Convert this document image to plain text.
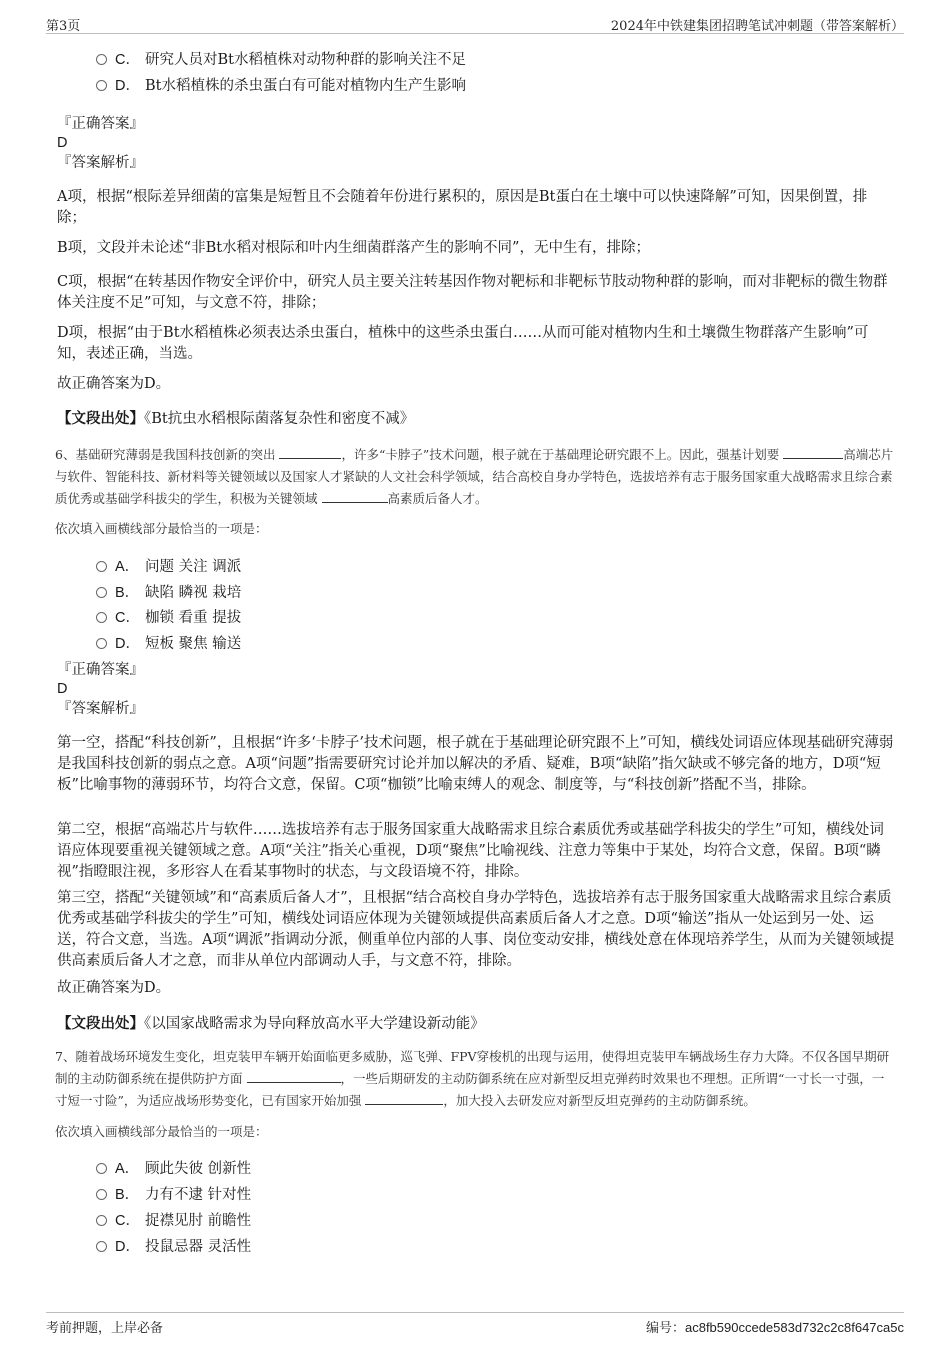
第3页	2024年中铁建集团招聘笔试冲刺题（带答案解析）
C． 研究人员对Bt水稻植株对动物种群的影响关注不足
D． Bt水稻植株的杀虫蛋白有可能对植物内生产生影响
『正确答案』
D
『答案解析』
A项，根据“根际差异细菌的富集是短暂且不会随着年份进行累积的，原因是Bt蛋白在土壤中可以快速降解”可知，因果倒置，排除；
B项，文段并未论述“非Bt水稻对根际和叶内生细菌群落产生的影响不同”，无中生有，排除；
C项，根据“在转基因作物安全评价中，研究人员主要关注转基因作物对靶标和非靶标节肢动物种群的影响，而对非靶标的微生物群体关注度不足”可知，与文意不符，排除；
D项，根据“由于Bt水稻植株必须表达杀虫蛋白，植株中的这些杀虫蛋白……从而可能对植物内生和土壤微生物群落产生影响”可知，表述正确，当选。
故正确答案为D。
【文段出处】《Bt抗虫水稻根际菌落复杂性和密度不减》
6、基础研究薄弱是我国科技创新的突出	，许多“卡脖子”技术问题，根子就在于基础理论研究跟不上。因此，强基计划要	高端芯片与软件、智能科技、新材料等关键领域以及国家人才紧缺的人文社会科学领域，结合高校自身办学特色，选拔培养有志于服务国家重大战略需求且综合素质优秀或基础学科拔尖的学生，积极为关键领域	高素质后备人才。
依次填入画横线部分最恰当的一项是：
A． 问题 关注 调派
B． 缺陷 瞵视 栽培
C． 枷锁 看重 提拔
D． 短板 聚焦 输送
『正确答案』
D
『答案解析』
第一空，搭配“科技创新”，且根据“许多‘卡脖子’技术问题，根子就在于基础理论研究跟不上”可知，横线处词语应体现基础研究薄弱是我国科技创新的弱点之意。A项“问题”指需要研究讨论并加以解决的矛盾、疑难，B项“缺陷”指欠缺或不够完备的地方，D项“短板”比喻事物的薄弱环节，均符合文意，保留。C项“枷锁”比喻束缚人的观念、制度等，与“科技创新”搭配不当，排除。
第二空，根据“高端芯片与软件……选拔培养有志于服务国家重大战略需求且综合素质优秀或基础学科拔尖的学生”可知，横线处词语应体现要重视关键领域之意。A项“关注”指关心重视，D项“聚焦”比喻视线、注意力等集中于某处，均符合文意，保留。B项“瞵视”指瞪眼注视，多形容人在看某事物时的状态，与文段语境不符，排除。
第三空，搭配“关键领域”和“高素质后备人才”，且根据“结合高校自身办学特色，选拔培养有志于服务国家重大战略需求且综合素质优秀或基础学科拔尖的学生”可知，横线处词语应体现为关键领域提供高素质后备人才之意。D项“输送”指从一处运到另一处、运送，符合文意，当选。A项“调派”指调动分派，侧重单位内部的人事、岗位变动安排，横线处意在体现培养学生，从而为关键领域提供高素质后备人才之意，而非从单位内部调动人手，与文意不符，排除。
故正确答案为D。
【文段出处】《以国家战略需求为导向释放高水平大学建设新动能》
7、随着战场环境发生变化，坦克装甲车辆开始面临更多威胁，巡飞弹、FPV穿梭机的出现与运用，使得坦克装甲车辆战场生存力大降。不仅各国早期研制的主动防御系统在提供防护方面	，一些后期研发的主动防御系统在应对新型反坦克弹药时效果也不理想。正所谓“一寸长一寸强，一寸短一寸险”，为适应战场形势变化，已有国家开始加强	，加大投入去研发应对新型反坦克弹药的主动防御系统。
依次填入画横线部分最恰当的一项是：
A． 顾此失彼 创新性
B． 力有不逮 针对性
C． 捉襟见肘 前瞻性
D． 投鼠忌器 灵活性
考前押题，上岸必备	编号：ac8fb590ccede583d732c2c8f647ca5c
